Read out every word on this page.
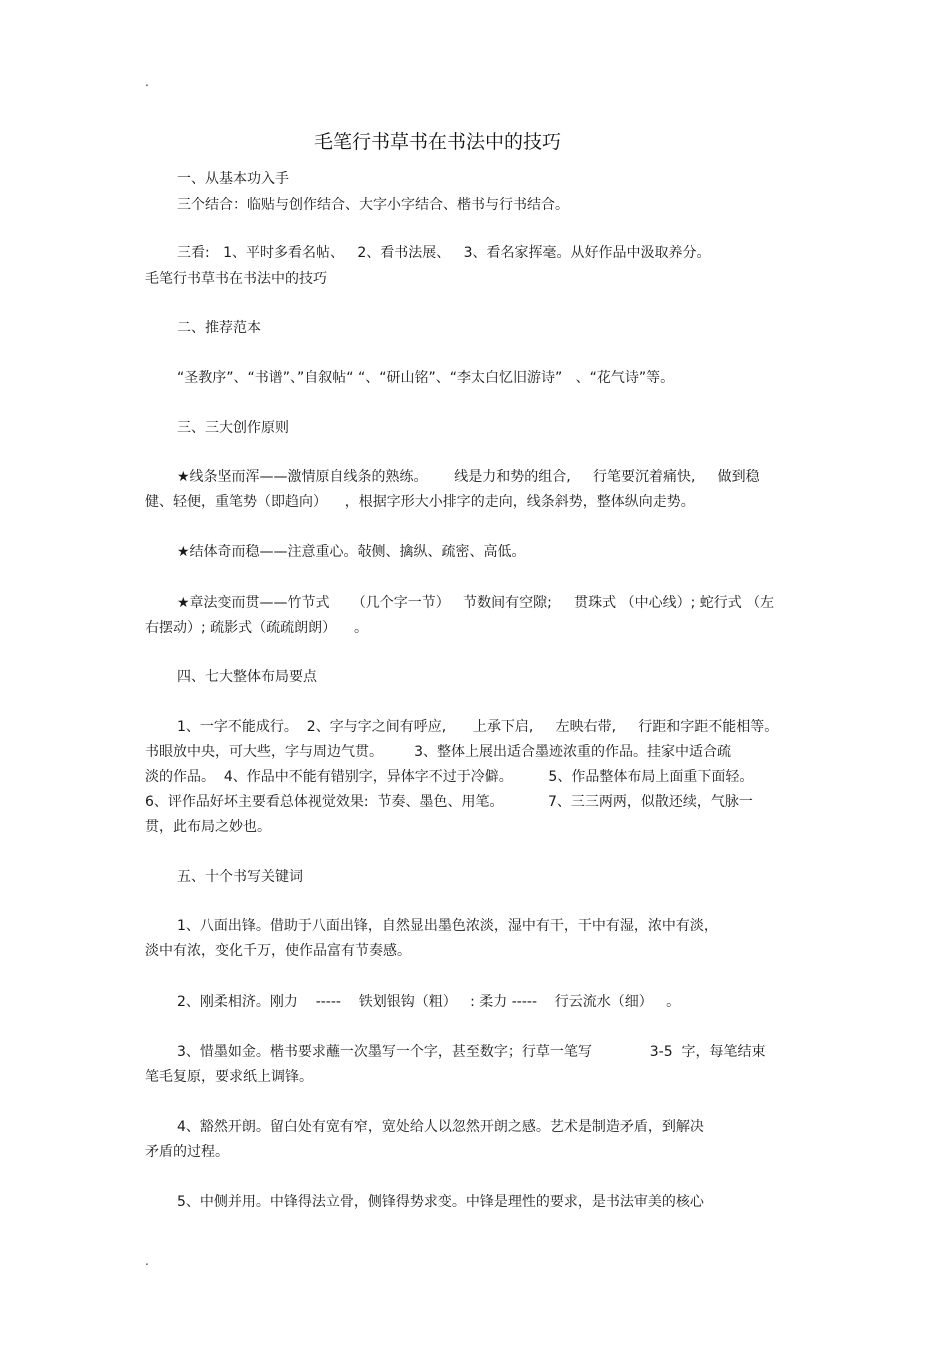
.
毛笔行书草书在书法中的技巧
一、从基本功入手
三个结合：临贴与创作结合、大字小字结合、楷书与行书结合。
三看:   1、平时多看名帖、   2、看书法展、   3、看名家挥毫。从好作品中汲取养分。
毛笔行书草书在书法中的技巧
二、推荐范本
“圣教序”、“书谱”、”自叙帖“ “、“研山铭”、“李太白忆旧游诗”   、“花气诗”等。
三、三大创作原则
★线条坚而浑——激情原自线条的熟练。      线是力和势的组合,     行笔要沉着痛快,     做到稳
健、轻便，重笔势（即趋向）    ，根据字形大小排字的走向，线条斜势，整体纵向走势。
★结体奇而稳——注意重心。敧侧、擒纵、疏密、高低。
★章法变而贯——竹节式     （几个字一节）   节数间有空隙;     贯珠式 （中心线）; 蛇行式 （左
右摆动）; 疏影式（疏疏朗朗）    。
四、七大整体布局要点
1、一字不能成行。  2、字与字之间有呼应,      上承下启,     左映右带,     行距和字距不能相等。
书眼放中央，可大些，字与周边气贯。       3、整体上展出适合墨迹浓重的作品。挂家中适合疏
淡的作品。  4、作品中不能有错别字，异体字不过于冷僻。        5、作品整体布局上面重下面轻。
6、评作品好坏主要看总体视觉效果:  节奏、墨色、用笔。          7、三三两两，似散还续，气脉一
贯，此布局之妙也。
五、十个书写关键词
1、八面出锋。借助于八面出锋，自然显出墨色浓淡，湿中有干，干中有湿，浓中有淡，
淡中有浓，变化千万，使作品富有节奏感。
2、刚柔相济。刚力    -----    铁划银钩（粗）   : 柔力 -----    行云流水（细）   。
3、惜墨如金。楷书要求蘸一次墨写一个字，甚至数字；行草一笔写             3-5  字，每笔结束
笔毛复原，要求纸上调锋。
4、豁然开朗。留白处有宽有窄，宽处给人以忽然开朗之感。艺术是制造矛盾，到解决
矛盾的过程。
5、中侧并用。中锋得法立骨，侧锋得势求变。中锋是理性的要求，是书法审美的核心
.
